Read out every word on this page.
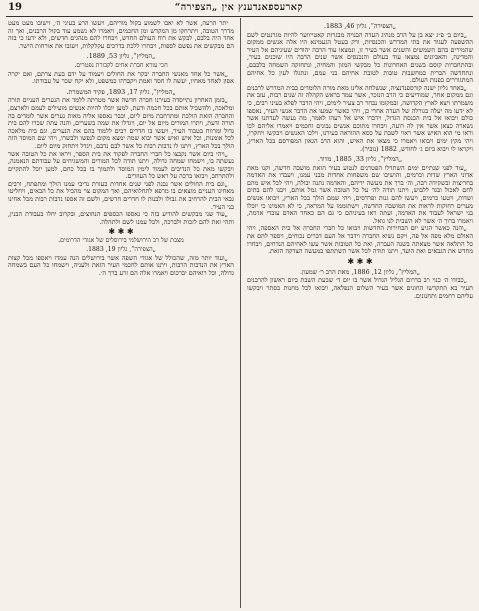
19	קארעספאנדענץ אין „הצפירה“

„הצפירה“, גליון 46, 1883.

„ביום ב׳ פ״ג יצא בן על הרב מנהיג העדה הבנויה מבגרות קאטייווער להיות מגרנטים לשם ההשפעה לעגוד את בתי המדרש והכנסיות, ורק בעטל הגעמינא היו אלה אנשים ממקום שהמירים בהם השמשים והשנים אשר בעיר זו, ונמצאו עוד הרבה יהודים שעיניהם אל העיר והמדינה, והאביונים נמצאו עוד בעולם והנכנסים אשר שנים הרבה היו שוכנים בעיר, ובהתחברות קוסם בשנים האחרונות כל מבקשי המזון והמחיה, ונתחזקה השמחה בלבבם, ונתחדשה הברית במחשבות טובות לטובת אחיהם בני עמם, ונתגלו לעין כל אחיהם המתגוררים בפנות העולם.

„באחד גליון ישנה קורספנדנציה, שנשלחה אלינו מאת מורה הלומדים בבית המדרש לרבנים וגם ממקום אחר, שמודיעים כי הרב הנזכר, אשר עמד בראש הקהלה זה שנים רבות, עזב את משמרתו ויצא לארץ הקדושה, ובמקומו נבחר רב צעיר לימים, ויהי הדבר לפלא בעיני רבים, כי לא ידעו מה יעלה בגורלה של העדה אחרי כן, ויהי כאשר שמעו את הדבר אנשי העיר, נאספו כולם ויבואו אל בית הכנסת הגדול, וידברו איש אל רעהו לאמר, מה נעשה לעדתנו אשר נשארה כצאן אשר אין לה רועה, ויבחרו מתוכם אנשים נבונים וחכמים ויאמרו אליהם לכו וראו מי הוא האיש אשר ראוי לשבת על כסא ההוראה בעירנו, וילכו האנשים ויבקשו ויחקרו, ויהי מקץ ימים ויבואו ויאמרו כי מצאו את האיש, והוא הרב הגאון המפורסם בכל הארץ, ויקראו לו ויבוא ביום ג׳ לחודש, 1882 (נוביר).

„המליץ“, גליון 33, 1885, מדוד.

„עוד לפני שנתיים ימים השתדלו הפטרנים לנטוע בעיר הזאת מושבה חדשה, וקנו מאת אדוני הארץ שדות וכרמים, והושיבו שם משפחות אחדות מבני עמנו, ויעבדו את האדמה בחריצות ובשקידה רבה, וה׳ ברך את מעשה ידיהם, והאדמה נתנה יבולה, ויהי לכל איש מהם לחם לאכול ובגד ללבוש, ויתנו תודה לה׳ על כל הטובה אשר גמל אותם, ויבנו להם בתים ושדות, ויטעו כרמים, ויעשו להם גנות ופרדסים, ויהי שמם הולך בכל הארץ, ויבואו אנשים מערים רחוקות לראות את המושבה החדשה, וישתוממו על המראה, כי לא האמינו כי יוכלו בני ישראל לעבוד את האדמה, ועתה ראו בעיניהם כי גם הם כאחד האדם עובדי אדמה, ויאמרו ברוך ה׳ אשר לא השבית לנו גואל.

„והנה כאשר הגיע יום הבחירות החדשות ויבואו כל חברי החברה אל בית האספה, ויהי האולם מלא מפה אל פה, ויקם נשיא החברה וידבר אל העם דברים נכוחים, ויספר להם את כל התלאה אשר מצאתה בשנה העברה, ואת כל הטובות אשר עשו לאחיהם הנדחים, ויבחרו מחדש את הגבאים ואת הועד, ויתנו תודה לכל אשר השתתפו במעשה הצדקה הזאת.

✱ ✱ ✱

„המליץ“, גליון 12, 1886, מאת הרב ר׳ שמעון.

„כבודו ה׳ כנוי רב בדרום הגליל הגדול אשר בו יום ד׳ שבעת השבת ביום ראשון להרבנים תעיר בא התקדשו החונים אשר בעיר השלום הנפלאה, ויבואו לכל מחנות בסתר ויבקשו עליהם רחמים ותחנונים.

יתר הרעה, אשר לא יאבו לשמוע בקול מוריהם, ויעשו הרע בעיני ה׳, וישובו מעט מעט מדרך הטובה, ויתרחקו מן המקדש ומן החכמים, ויאמרו לא נשמע עוד בקול הרבנים, ואך זה אחד היה בלבם, לבקש את רוח העולם החדש, ויבחרו להם מנהגים חדשים, ולא ידעו כי בזה הם מבקשים את נפשם לספות, ויבחרו ללכת בדרכים עקלקלות, ויעזבו את אורחות הישר.

„המליץ“, גליון 53, 1889.

חכי עזרא חברת אחים לקבורת נפטרים.

„אשר כל אחד מאנשי החברה יבקר את החולים ויעמוד על ידם בעת צרתם, ואם יקרה אסון לאחד מאחיו, יעשה לו חסד ואמת ויקברהו כמשפט, ולא יקח שכר על עבודתו.

„המליץ“, גליון 17, 1893, פקיד המשמרת.

„בזמן האחרון נתייסדה בעירנו חברה חדשה אשר מטרתה ללמד את הנערים העניים תורה ומלאכה, ולהשכיל אותם בכל חכמה ודעת, למען יוכלו להיות אנשים מועילים לעמם ולארצם, והחברה הזאת הולכת ומתרחבת מיום ליום, וכבר נאספו אליה מאות נערים אשר לומדים בה תורה ודעת, ויתרו המורים מיום אל יום, ויגדלו את שמה בשערים, והנה עתה שכרו להם בית גדול ומרווח בטבור העיר, ויעשו בו חדרים רבים ללמוד בהם את הנערים, וגם בית מלאכה לכל אומנות, וכל איש ואיש אשר יבוא שמה ימצא מקום לנפשו ולבשרו, ויהי שם המוסד הזה הולך בכל הארץ, ויתנו לו נדבות רבות כל אשר לבם נדבם, ויגדל ויתחזק מיום ליום.

„ויהי ביום אשר נקבצו כל חברי החברה לפקוד את בית הספר, ויראו את כל הטובה אשר נעשתה בו, וישמחו שמחה גדולה, ויתנו תודה לכל המורים והמשגיחים על עבודתם הנאמנה, ויבקשו מאת כל הנדיבים לעמוד לימין המוסד ולתמוך בו בכל כחם, למען יוכל להתקיים ולהתרחב, ויבואו ברכה על ראש כל העוזרים.

„וגם בית החולים אשר נבנה לפני שנים אחדות בעזרת נדיבי עמנו הולך ומתפתח, ורבים מאחינו העניים מוצאים בו מרפא לתחלואיהם, ואך המקום צר מהכיל את כל הבאים, ויחליטו גבאי הבית להרחיב את גבולו ולבנות לו חדרים חדשים, ולשם זה אספו נדבות רבות מכל אחינו בני העיר.

„עוד שני מבקשים להודיע בזה כי נאספו הכספים הנחוצים, ובקרוב יחלו בעבודת הבנין, ותהי זאת להם לזכות ולברכה, ולכל עמנו לשם ולתהלה.

✱ ✱ ✱

מצבת של רב הירושלמי בירוסלים של אגודי הדרומים.

„הצפירה“, גליון 19, 1883.

„ועוד יותר מזה, שהכולל של אגודי השפה אשר בירושלים הנה עמדו ויאספו מכל קצות הארץ את הנדבות הרבות, ויתנו אותם לחכמי העיר הזאת ולעניה, וישמחו כל העם בשמחה גדולה, וכל רואיהם יברכום ויאמרו אלה הם זרע ברך ה׳.
